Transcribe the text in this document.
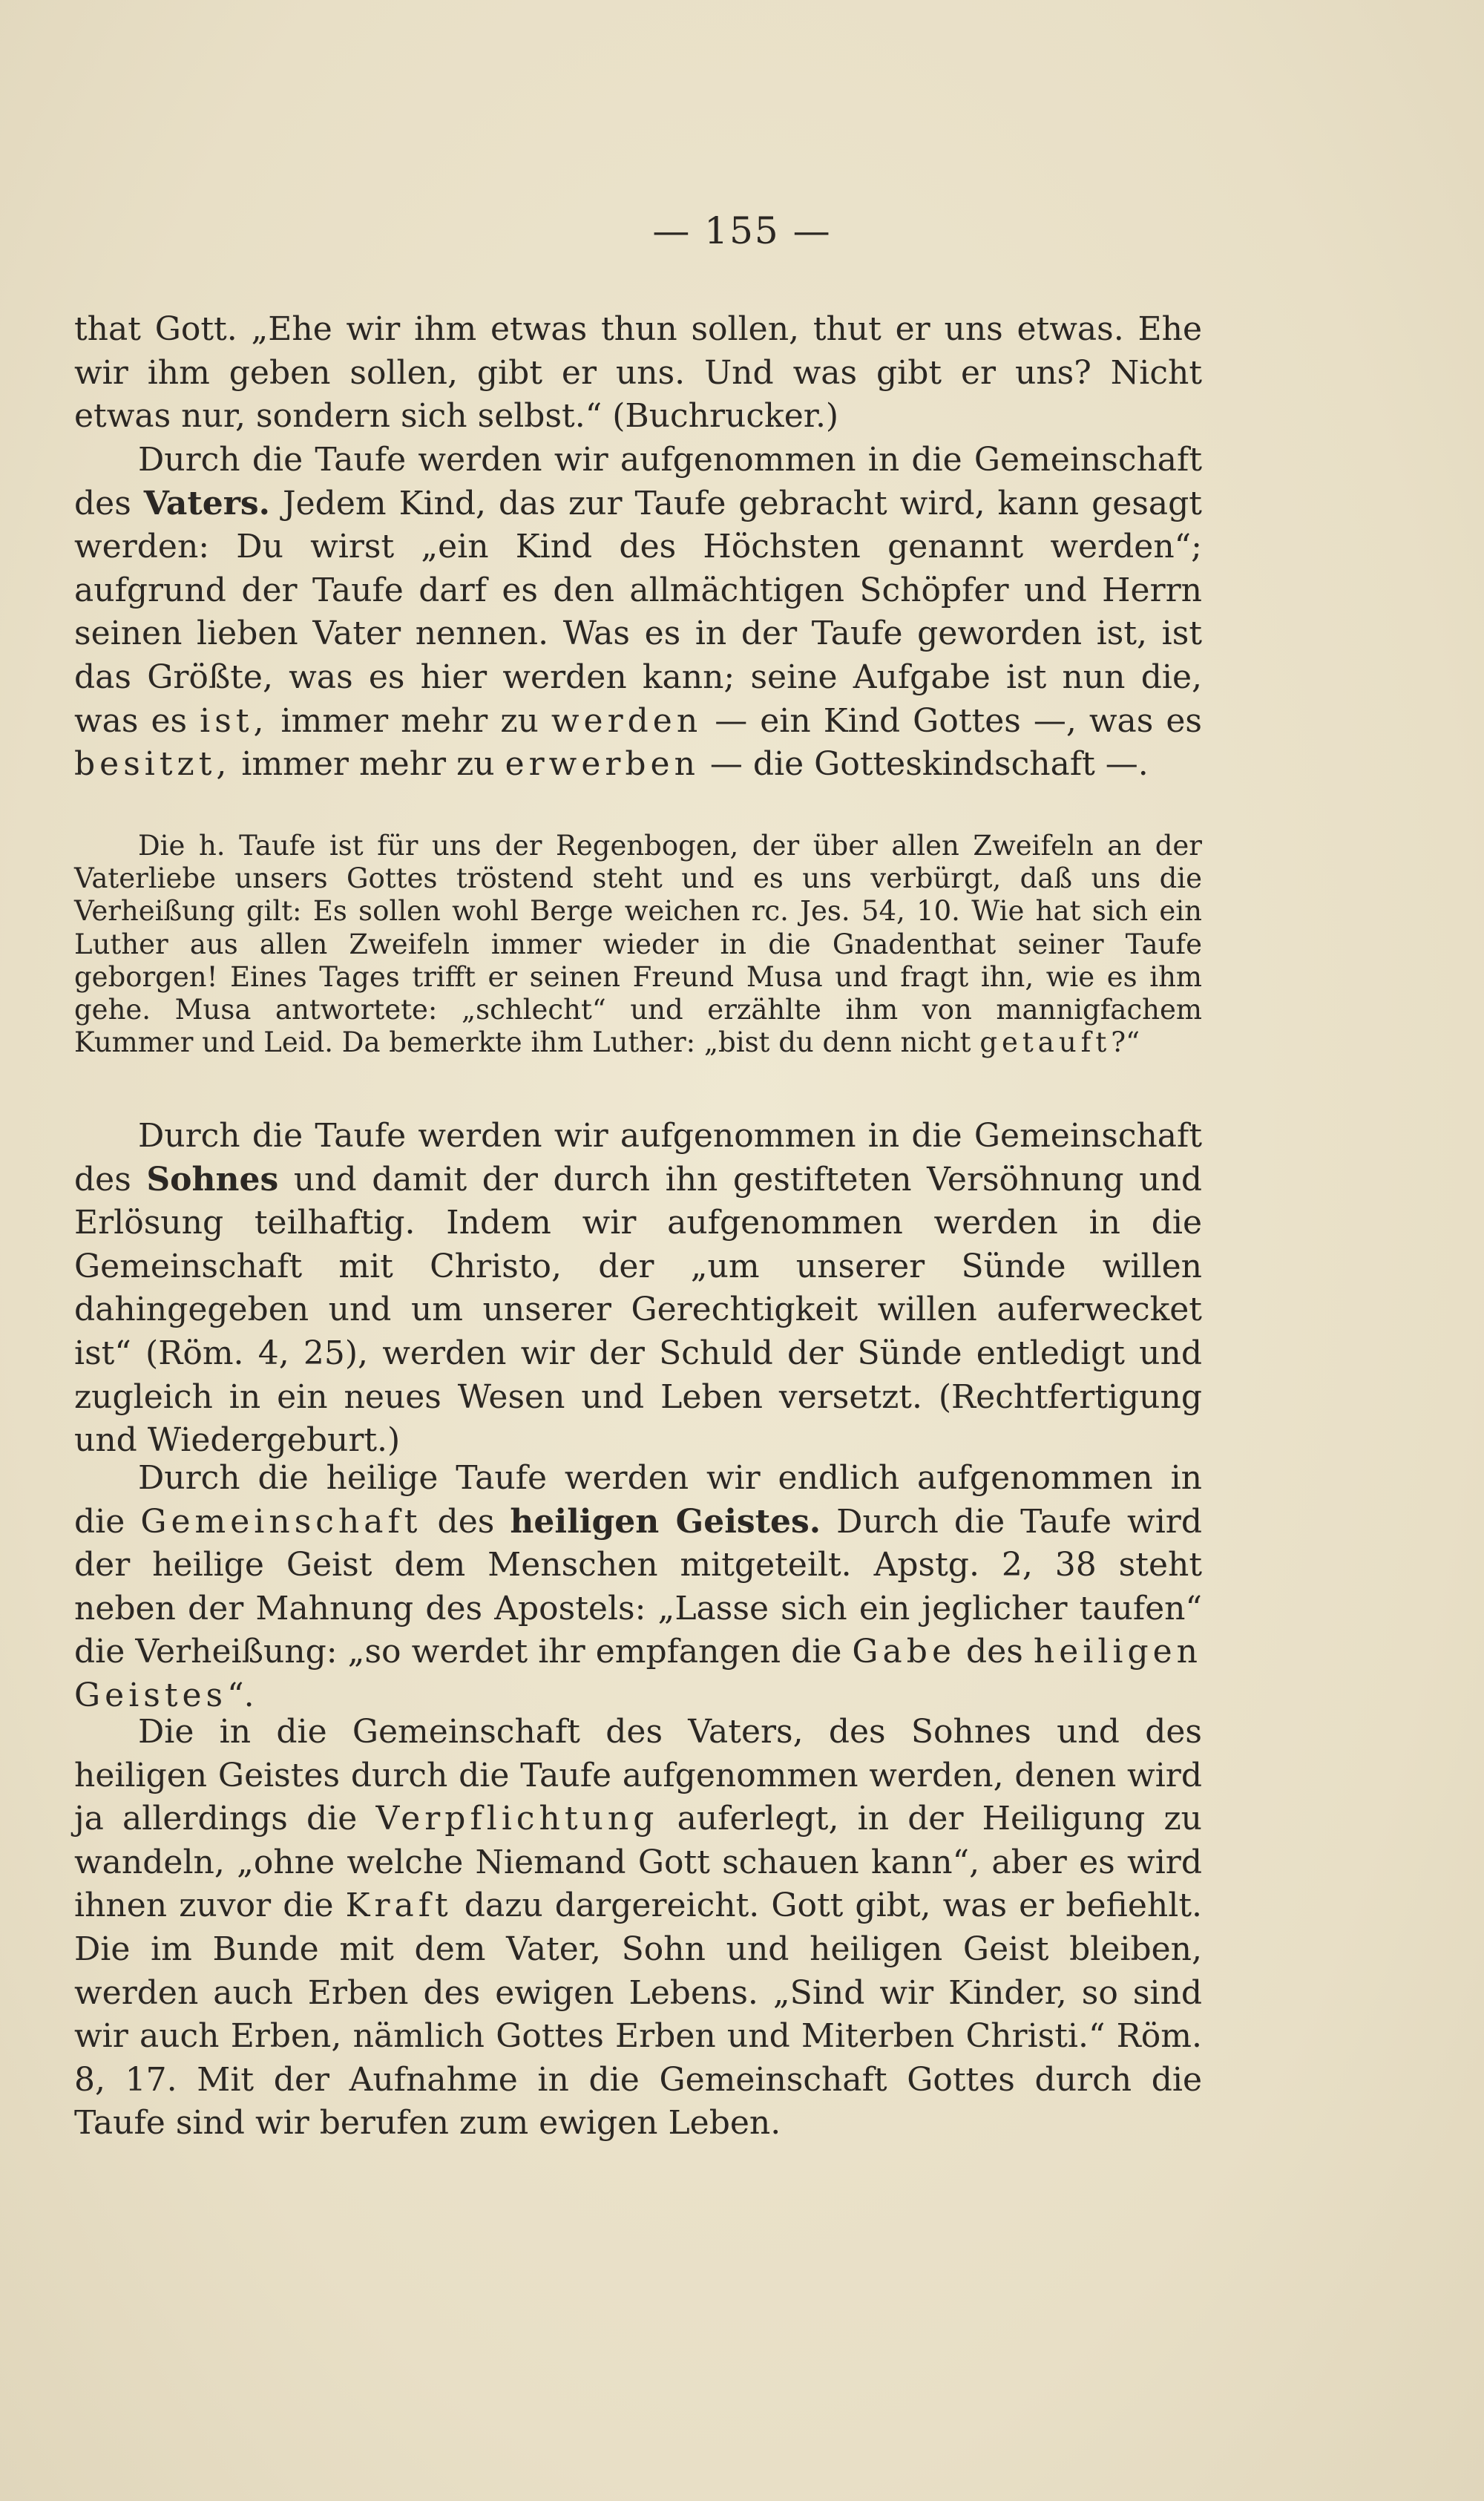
— 155 —

that Gott. „Ehe wir ihm etwas thun sollen, thut er uns etwas. Ehe wir ihm geben sollen, gibt er uns. Und was gibt er uns? Nicht etwas nur, sondern sich selbst.“ (Buchrucker.)

Durch die Taufe werden wir aufgenommen in die Gemeinschaft des Vaters. Jedem Kind, das zur Taufe gebracht wird, kann gesagt werden: Du wirst „ein Kind des Höchsten genannt werden“; aufgrund der Taufe darf es den allmächtigen Schöpfer und Herrn seinen lieben Vater nennen. Was es in der Taufe geworden ist, ist das Größte, was es hier werden kann; seine Aufgabe ist nun die, was es ist, immer mehr zu werden — ein Kind Gottes —, was es besitzt, immer mehr zu erwerben — die Gotteskindschaft —.

Die h. Taufe ist für uns der Regenbogen, der über allen Zweifeln an der Vaterliebe unsers Gottes tröstend steht und es uns verbürgt, daß uns die Verheißung gilt: Es sollen wohl Berge weichen rc. Jes. 54, 10. Wie hat sich ein Luther aus allen Zweifeln immer wieder in die Gnadenthat seiner Taufe geborgen! Eines Tages trifft er seinen Freund Musa und fragt ihn, wie es ihm gehe. Musa antwortete: „schlecht“ und erzählte ihm von mannigfachem Kummer und Leid. Da bemerkte ihm Luther: „bist du denn nicht getauft?“

Durch die Taufe werden wir aufgenommen in die Gemeinschaft des Sohnes und damit der durch ihn gestifteten Versöhnung und Erlösung teilhaftig. Indem wir aufgenommen werden in die Gemeinschaft mit Christo, der „um unserer Sünde willen dahingegeben und um unserer Gerechtigkeit willen auferwecket ist“ (Röm. 4, 25), werden wir der Schuld der Sünde entledigt und zugleich in ein neues Wesen und Leben versetzt. (Rechtfertigung und Wiedergeburt.)

Durch die heilige Taufe werden wir endlich aufgenommen in die Gemeinschaft des heiligen Geistes. Durch die Taufe wird der heilige Geist dem Menschen mitgeteilt. Apstg. 2, 38 steht neben der Mahnung des Apostels: „Lasse sich ein jeglicher taufen“ die Verheißung: „so werdet ihr empfangen die Gabe des heiligen Geistes“.

Die in die Gemeinschaft des Vaters, des Sohnes und des heiligen Geistes durch die Taufe aufgenommen werden, denen wird ja allerdings die Verpflichtung auferlegt, in der Heiligung zu wandeln, „ohne welche Niemand Gott schauen kann“, aber es wird ihnen zuvor die Kraft dazu dargereicht. Gott gibt, was er befiehlt. Die im Bunde mit dem Vater, Sohn und heiligen Geist bleiben, werden auch Erben des ewigen Lebens. „Sind wir Kinder, so sind wir auch Erben, nämlich Gottes Erben und Miterben Christi.“ Röm. 8, 17. Mit der Aufnahme in die Gemeinschaft Gottes durch die Taufe sind wir berufen zum ewigen Leben.
